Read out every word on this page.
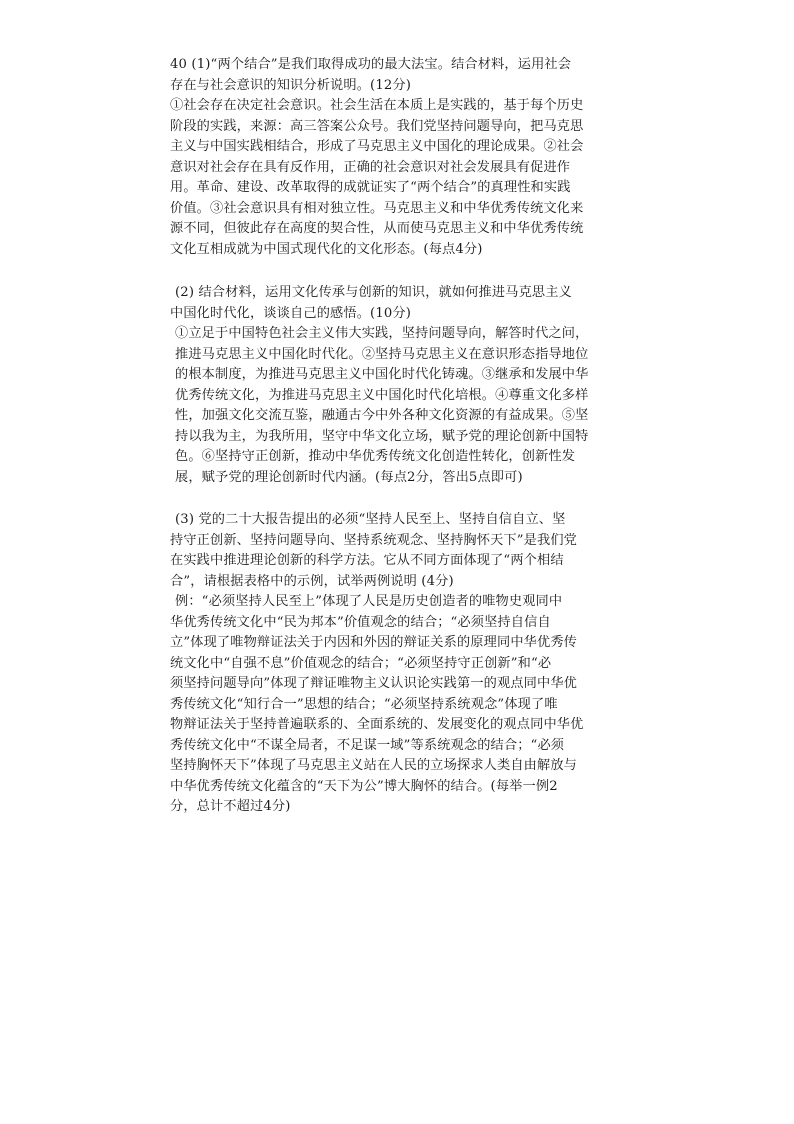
40 (1)“两个结合”是我们取得成功的最大法宝。结合材料，运用社会
存在与社会意识的知识分析说明。(12分)
①社会存在决定社会意识。社会生活在本质上是实践的，基于每个历史
阶段的实践，来源：高三答案公众号。我们党坚持问题导向，把马克思
主义与中国实践相结合，形成了马克思主义中国化的理论成果。②社会
意识对社会存在具有反作用，正确的社会意识对社会发展具有促进作
用。革命、建设、改革取得的成就证实了“两个结合”的真理性和实践
价值。③社会意识具有相对独立性。马克思主义和中华优秀传统文化来
源不同，但彼此存在高度的契合性，从而使马克思主义和中华优秀传统
文化互相成就为中国式现代化的文化形态。(每点4分)
(2) 结合材料，运用文化传承与创新的知识，就如何推进马克思主义
中国化时代化，谈谈自己的感悟。(10分)
①立足于中国特色社会主义伟大实践，坚持问题导向，解答时代之问，
推进马克思主义中国化时代化。②坚持马克思主义在意识形态指导地位
的根本制度，为推进马克思主义中国化时代化铸魂。③继承和发展中华
优秀传统文化，为推进马克思主义中国化时代化培根。④尊重文化多样
性，加强文化交流互鉴，融通古今中外各种文化资源的有益成果。⑤坚
持以我为主，为我所用，坚守中华文化立场，赋予党的理论创新中国特
色。⑥坚持守正创新，推动中华优秀传统文化创造性转化，创新性发
展，赋予党的理论创新时代内涵。(每点2分，答出5点即可)
(3) 党的二十大报告提出的必须“坚持人民至上、坚持自信自立、坚
持守正创新、坚持问题导向、坚持系统观念、坚持胸怀天下”是我们党
在实践中推进理论创新的科学方法。它从不同方面体现了“两个相结
合”，请根据表格中的示例，试举两例说明 (4分)
例：“必须坚持人民至上”体现了人民是历史创造者的唯物史观同中
华优秀传统文化中“民为邦本”价值观念的结合；“必须坚持自信自
立”体现了唯物辩证法关于内因和外因的辩证关系的原理同中华优秀传
统文化中“自强不息”价值观念的结合；“必须坚持守正创新”和“必
须坚持问题导向”体现了辩证唯物主义认识论实践第一的观点同中华优
秀传统文化“知行合一”思想的结合；“必须坚持系统观念”体现了唯
物辩证法关于坚持普遍联系的、全面系统的、发展变化的观点同中华优
秀传统文化中“不谋全局者，不足谋一域”等系统观念的结合；“必须
坚持胸怀天下”体现了马克思主义站在人民的立场探求人类自由解放与
中华优秀传统文化蕴含的“天下为公”博大胸怀的结合。(每举一例2
分，总计不超过4分)
